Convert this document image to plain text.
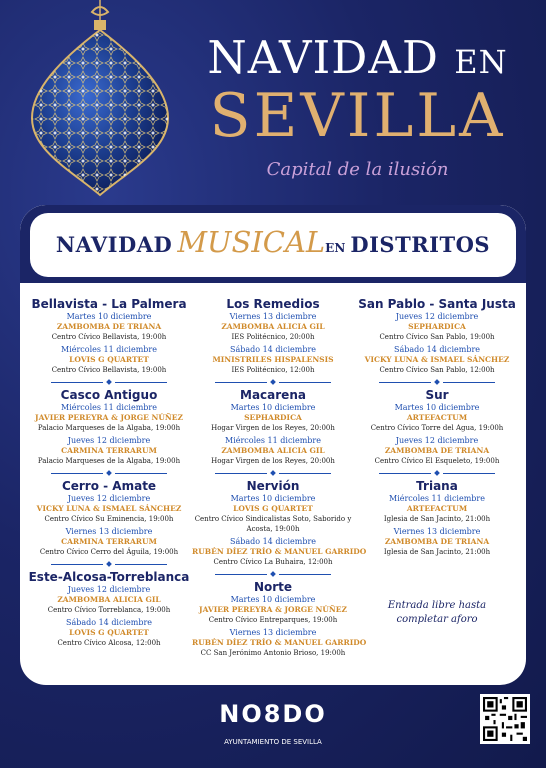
NAVIDAD EN
SEVILLA
Capital de la ilusión
NAVIDAD MUSICALEN DISTRITOS
Bellavista - La Palmera
Martes 10 diciembre
ZAMBOMBA DE TRIANA
Centro Cívico Bellavista, 19:00h
Miércoles 11 diciembre
LOVIS G QUARTET
Centro Cívico Bellavista, 19:00h
Casco Antiguo
Miércoles 11 diciembre
JAVIER PEREYRA & JORGE NÚÑEZ
Palacio Marqueses de la Algaba, 19:00h
Jueves 12 diciembre
CARMINA TERRARUM
Palacio Marqueses de la Algaba, 19:00h
Cerro - Amate
Jueves 12 diciembre
VICKY LUNA & ISMAEL SÁNCHEZ
Centro Cívico Su Eminencia, 19:00h
Viernes 13 diciembre
CARMINA TERRARUM
Centro Cívico Cerro del Águila, 19:00h
Este-Alcosa-Torreblanca
Jueves 12 diciembre
ZAMBOMBA ALICIA GIL
Centro Cívico Torreblanca, 19:00h
Sábado 14 diciembre
LOVIS G QUARTET
Centro Cívico Alcosa, 12:00h
Los Remedios
Viernes 13 diciembre
ZAMBOMBA ALICIA GIL
IES Politécnico, 20:00h
Sábado 14 diciembre
MINISTRILES HISPALENSIS
IES Politécnico, 12:00h
Macarena
Martes 10 diciembre
SEPHARDICA
Hogar Virgen de los Reyes, 20:00h
Miércoles 11 diciembre
ZAMBOMBA ALICIA GIL
Hogar Virgen de los Reyes, 20:00h
Nervión
Martes 10 diciembre
LOVIS G QUARTET
Centro Cívico Sindicalistas Soto, Saborido y Acosta, 19:00h
Sábado 14 diciembre
RUBÉN DÍEZ TRÍO & MANUEL GARRIDO
Centro Cívico La Buhaira, 12:00h
Norte
Martes 10 diciembre
JAVIER PEREYRA & JORGE NÚÑEZ
Centro Cívico Entreparques, 19:00h
Viernes 13 diciembre
RUBÉN DÍEZ TRÍO & MANUEL GARRIDO
CC San Jerónimo Antonio Brioso, 19:00h
San Pablo - Santa Justa
Jueves 12 diciembre
SEPHARDICA
Centro Cívico San Pablo, 19:00h
Sábado 14 diciembre
VICKY LUNA & ISMAEL SÁNCHEZ
Centro Cívico San Pablo, 12:00h
Sur
Martes 10 diciembre
ARTEFACTUM
Centro Cívico Torre del Agua, 19:00h
Jueves 12 diciembre
ZAMBOMBA DE TRIANA
Centro Cívico El Esqueleto, 19:00h
Triana
Miércoles 11 diciembre
ARTEFACTUM
Iglesia de San Jacinto, 21:00h
Viernes 13 diciembre
ZAMBOMBA DE TRIANA
Iglesia de San Jacinto, 21:00h
Entrada libre hasta
completar aforo
NO8DO
AYUNTAMIENTO DE SEVILLA
